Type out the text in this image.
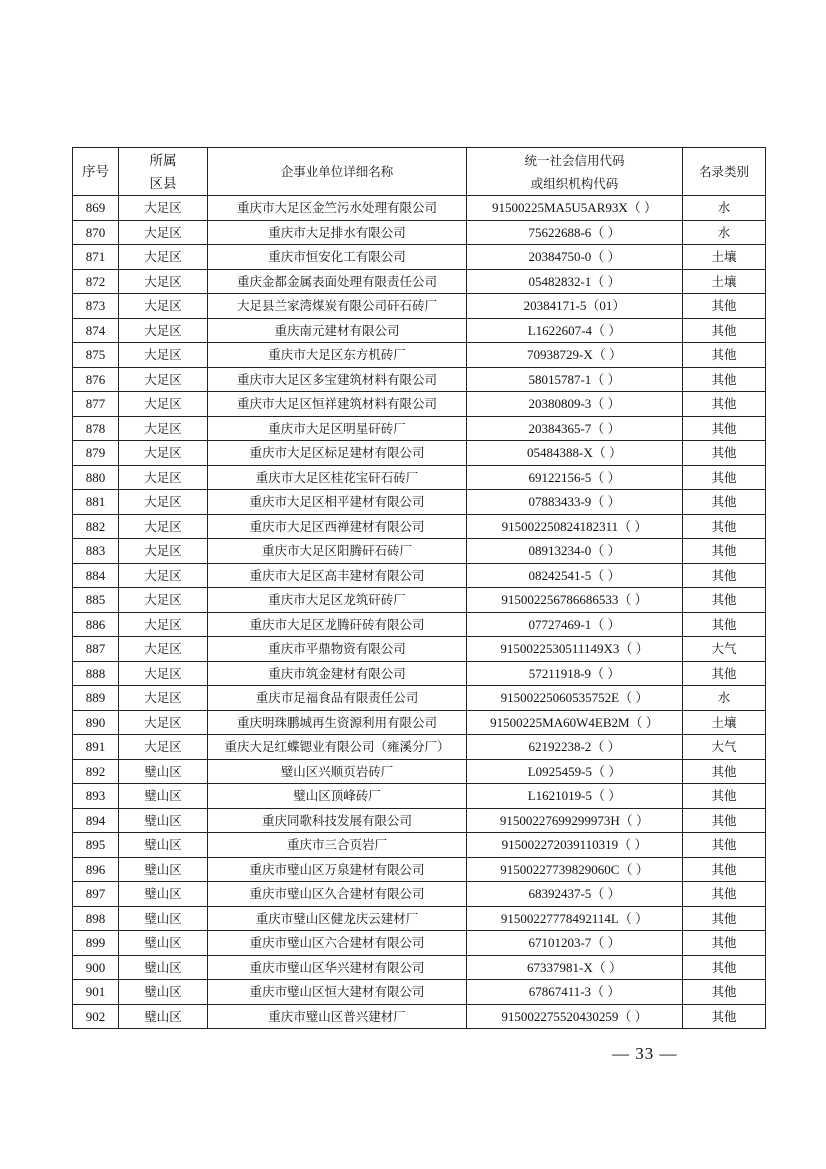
序号	所属区县	企事业单位详细名称	统一社会信用代码或组织机构代码	名录类别
869	大足区	重庆市大足区金竺污水处理有限公司	91500225MA5U5AR93X（ ）	水
870	大足区	重庆市大足排水有限公司	75622688-6（ ）	水
871	大足区	重庆市恒安化工有限公司	20384750-0（ ）	土壤
872	大足区	重庆金都金属表面处理有限责任公司	05482832-1（ ）	土壤
873	大足区	大足县兰家湾煤炭有限公司矸石砖厂	20384171-5（01）	其他
874	大足区	重庆南元建材有限公司	L1622607-4（ ）	其他
875	大足区	重庆市大足区东方机砖厂	70938729-X（ ）	其他
876	大足区	重庆市大足区多宝建筑材料有限公司	58015787-1（ ）	其他
877	大足区	重庆市大足区恒祥建筑材料有限公司	20380809-3（ ）	其他
878	大足区	重庆市大足区明星矸砖厂	20384365-7（ ）	其他
879	大足区	重庆市大足区标足建材有限公司	05484388-X（ ）	其他
880	大足区	重庆市大足区桂花宝矸石砖厂	69122156-5（ ）	其他
881	大足区	重庆市大足区相平建材有限公司	07883433-9（ ）	其他
882	大足区	重庆市大足区西禅建材有限公司	915002250824182311（ ）	其他
883	大足区	重庆市大足区阳腾矸石砖厂	08913234-0（ ）	其他
884	大足区	重庆市大足区高丰建材有限公司	08242541-5（ ）	其他
885	大足区	重庆市大足区龙筑矸砖厂	915002256786686533（ ）	其他
886	大足区	重庆市大足区龙腾矸砖有限公司	07727469-1（ ）	其他
887	大足区	重庆市平鼎物资有限公司	9150022530511149X3（ ）	大气
888	大足区	重庆市筑金建材有限公司	57211918-9（ ）	其他
889	大足区	重庆市足福食品有限责任公司	91500225060535752E（ ）	水
890	大足区	重庆明珠鹏城再生资源利用有限公司	91500225MA60W4EB2M（ ）	土壤
891	大足区	重庆大足红蝶锶业有限公司（雍溪分厂）	62192238-2（ ）	大气
892	璧山区	璧山区兴顺页岩砖厂	L0925459-5（ ）	其他
893	璧山区	璧山区顶峰砖厂	L1621019-5（ ）	其他
894	璧山区	重庆同歌科技发展有限公司	91500227699299973H（ ）	其他
895	璧山区	重庆市三合页岩厂	915002272039110319（ ）	其他
896	璧山区	重庆市璧山区万泉建材有限公司	91500227739829060C（ ）	其他
897	璧山区	重庆市璧山区久合建材有限公司	68392437-5（ ）	其他
898	璧山区	重庆市璧山区健龙庆云建材厂	91500227778492114L（ ）	其他
899	璧山区	重庆市璧山区六合建材有限公司	67101203-7（ ）	其他
900	璧山区	重庆市璧山区华兴建材有限公司	67337981-X（ ）	其他
901	璧山区	重庆市璧山区恒大建材有限公司	67867411-3（ ）	其他
902	璧山区	重庆市璧山区普兴建材厂	915002275520430259（ ）	其他
— 33 —
